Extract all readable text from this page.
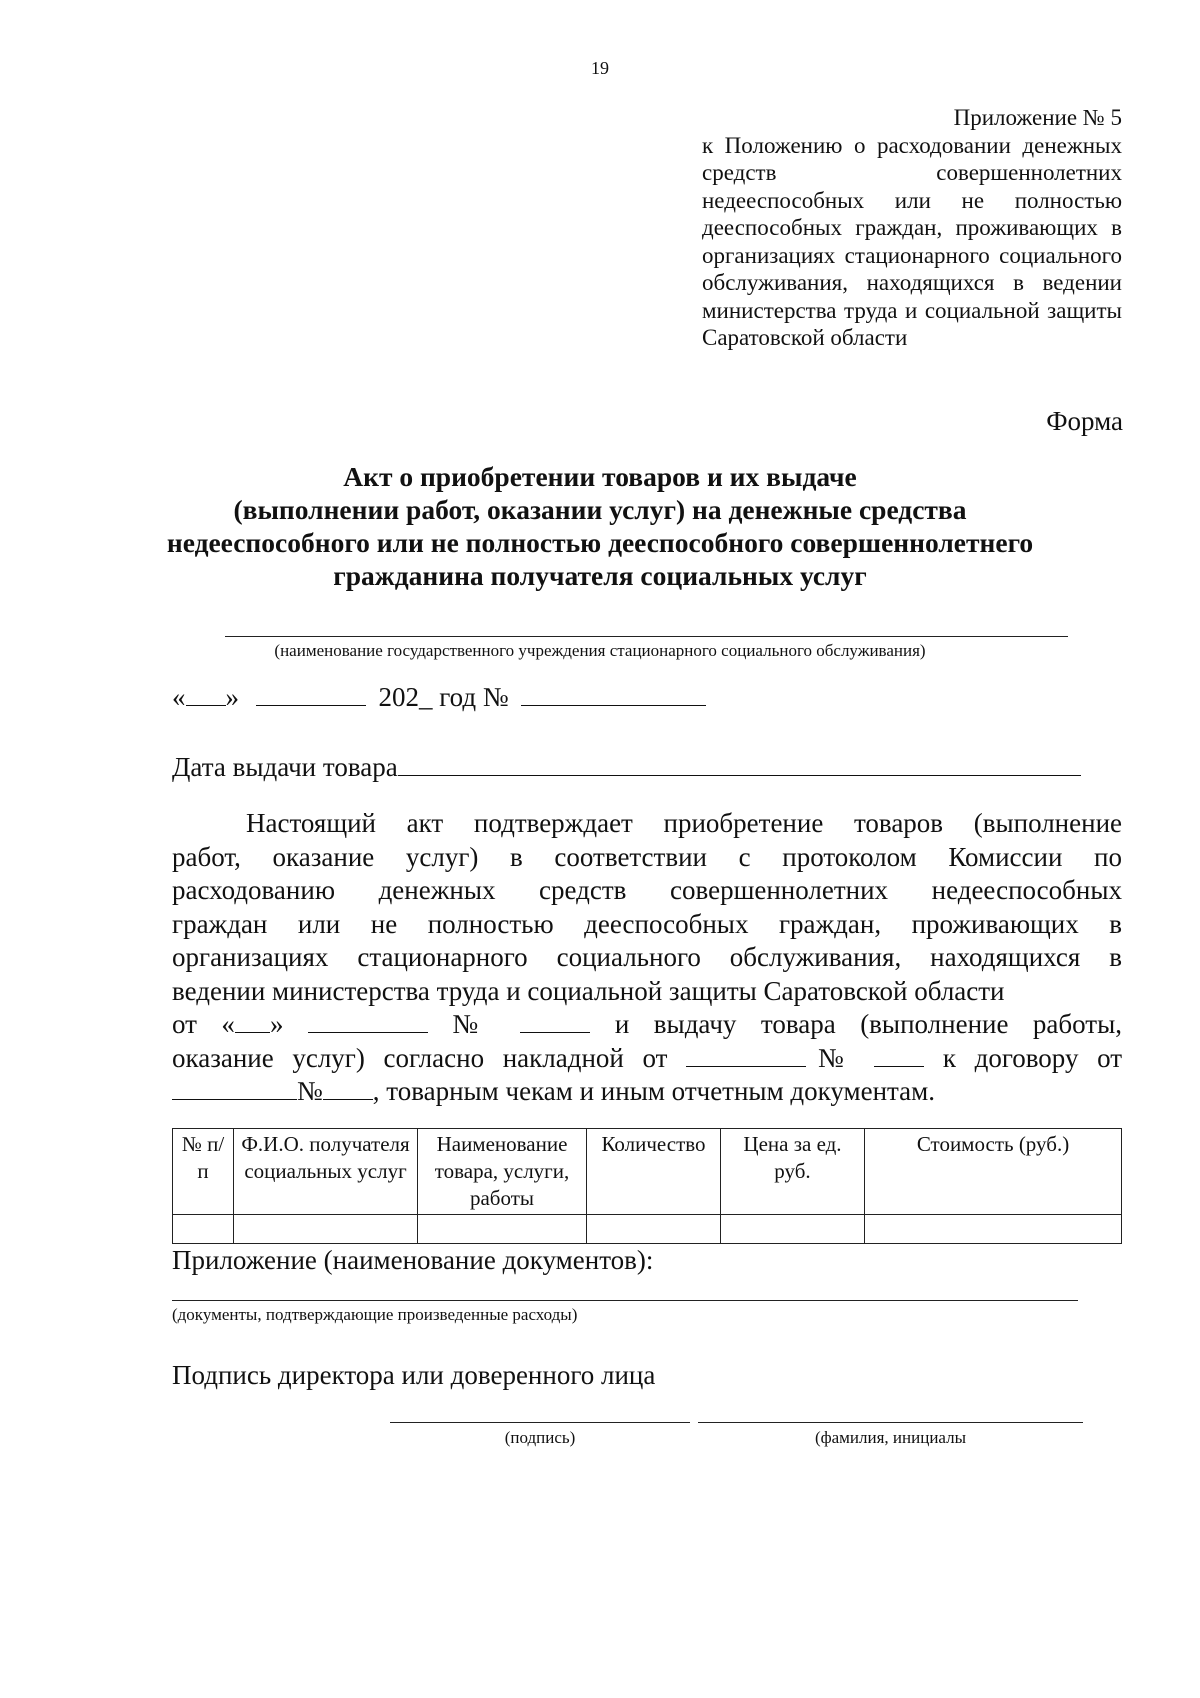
19
Приложение № 5
к Положению о расходовании денежных средств совершеннолетних недееспособных или не полностью дееспособных граждан, проживающих в организациях стационарного социального обслуживания, находящихся в ведении министерства труда и социальной защиты
Саратовской области
Форма
Акт о приобретении товаров и их выдаче
(выполнении работ, оказании услуг) на денежные средства
недееспособного или не полностью дееспособного совершеннолетнего
гражданина получателя социальных услуг
(наименование государственного учреждения стационарного социального обслуживания)
« »	202_ год №
Дата выдачи товара
Настоящий акт подтверждает приобретение товаров (выполнение
работ, оказание услуг) в соответствии с протоколом Комиссии по
расходованию денежных средств совершеннолетних недееспособных
граждан или не полностью дееспособных граждан, проживающих в
организациях стационарного социального обслуживания, находящихся в
ведении министерства труда и социальной защиты Саратовской области
от « »	№	и выдачу товара (выполнение работы,
оказание услуг) согласно накладной от	№	к договору от
№ , товарным чекам и иным отчетным документам.
№ п/п	Ф.И.О. получателя социальных услуг	Наименование товара, услуги, работы	Количество	Цена за ед. руб.	Стоимость (руб.)

Приложение (наименование документов):
(документы, подтверждающие произведенные расходы)
Подпись директора или доверенного лица
(подпись)	(фамилия, инициалы
